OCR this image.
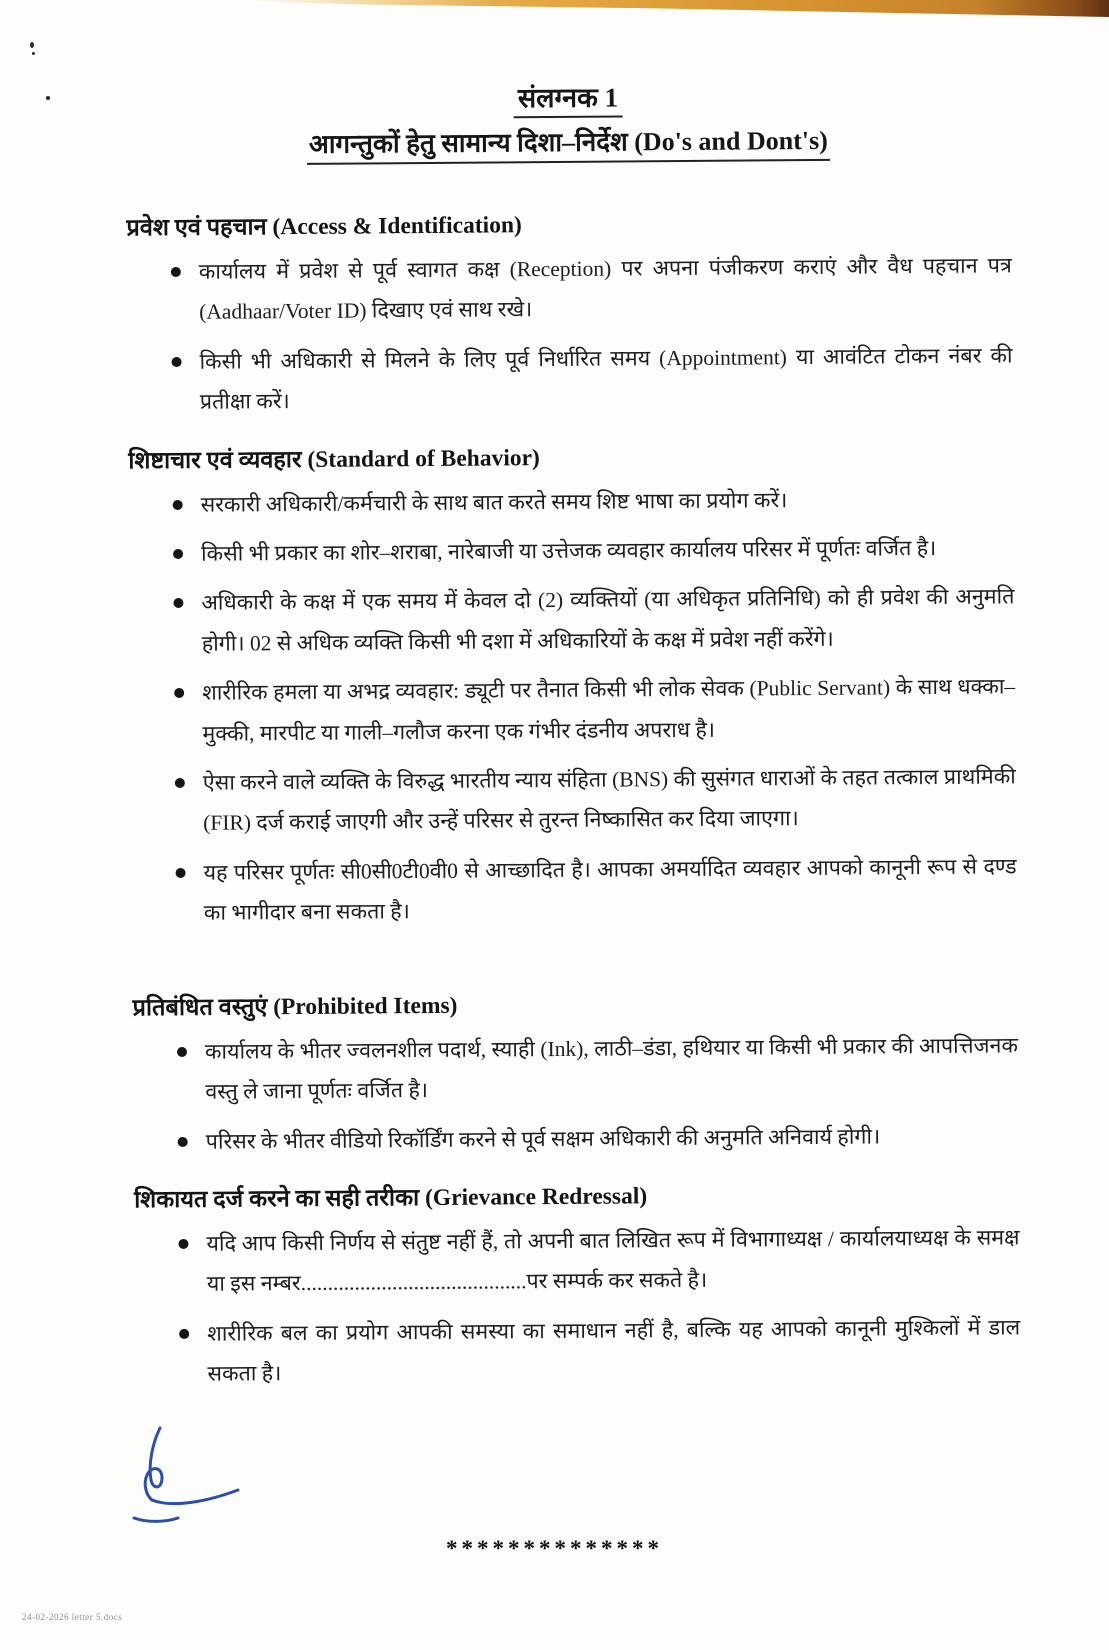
संलग्नक 1
आगन्तुकों हेतु सामान्य दिशा–निर्देश (Do's and Dont's)
प्रवेश एवं पहचान (Access & Identification)
कार्यालय में प्रवेश से पूर्व स्वागत कक्ष (Reception) पर अपना पंजीकरण कराएं और वैध पहचान पत्र (Aadhaar/Voter ID) दिखाए एवं साथ रखे।
किसी भी अधिकारी से मिलने के लिए पूर्व निर्धारित समय (Appointment) या आवंटित टोकन नंबर की प्रतीक्षा करें।
शिष्टाचार एवं व्यवहार (Standard of Behavior)
सरकारी अधिकारी/कर्मचारी के साथ बात करते समय शिष्ट भाषा का प्रयोग करें।
किसी भी प्रकार का शोर–शराबा, नारेबाजी या उत्तेजक व्यवहार कार्यालय परिसर में पूर्णतः वर्जित है।
अधिकारी के कक्ष में एक समय में केवल दो (2) व्यक्तियों (या अधिकृत प्रतिनिधि) को ही प्रवेश की अनुमति होगी। 02 से अधिक व्यक्ति किसी भी दशा में अधिकारियों के कक्ष में प्रवेश नहीं करेंगे।
शारीरिक हमला या अभद्र व्यवहार: ड्यूटी पर तैनात किसी भी लोक सेवक (Public Servant) के साथ धक्का–मुक्की, मारपीट या गाली–गलौज करना एक गंभीर दंडनीय अपराध है।
ऐसा करने वाले व्यक्ति के विरुद्ध भारतीय न्याय संहिता (BNS) की सुसंगत धाराओं के तहत तत्काल प्राथमिकी (FIR) दर्ज कराई जाएगी और उन्हें परिसर से तुरन्त निष्कासित कर दिया जाएगा।
यह परिसर पूर्णतः सी0सी0टी0वी0 से आच्छादित है। आपका अमर्यादित व्यवहार आपको कानूनी रूप से दण्ड का भागीदार बना सकता है।
प्रतिबंधित वस्तुएं (Prohibited Items)
कार्यालय के भीतर ज्वलनशील पदार्थ, स्याही (Ink), लाठी–डंडा, हथियार या किसी भी प्रकार की आपत्तिजनक वस्तु ले जाना पूर्णतः वर्जित है।
परिसर के भीतर वीडियो रिकॉर्डिंग करने से पूर्व सक्षम अधिकारी की अनुमति अनिवार्य होगी।
शिकायत दर्ज करने का सही तरीका (Grievance Redressal)
यदि आप किसी निर्णय से संतुष्ट नहीं हैं, तो अपनी बात लिखित रूप में विभागाध्यक्ष / कार्यालयाध्यक्ष के समक्ष या इस नम्बर..........................................पर सम्पर्क कर सकते है।
शारीरिक बल का प्रयोग आपकी समस्या का समाधान नहीं है, बल्कि यह आपको कानूनी मुश्किलों में डाल सकता है।
**************
24-02-2026 letter 5.docs
